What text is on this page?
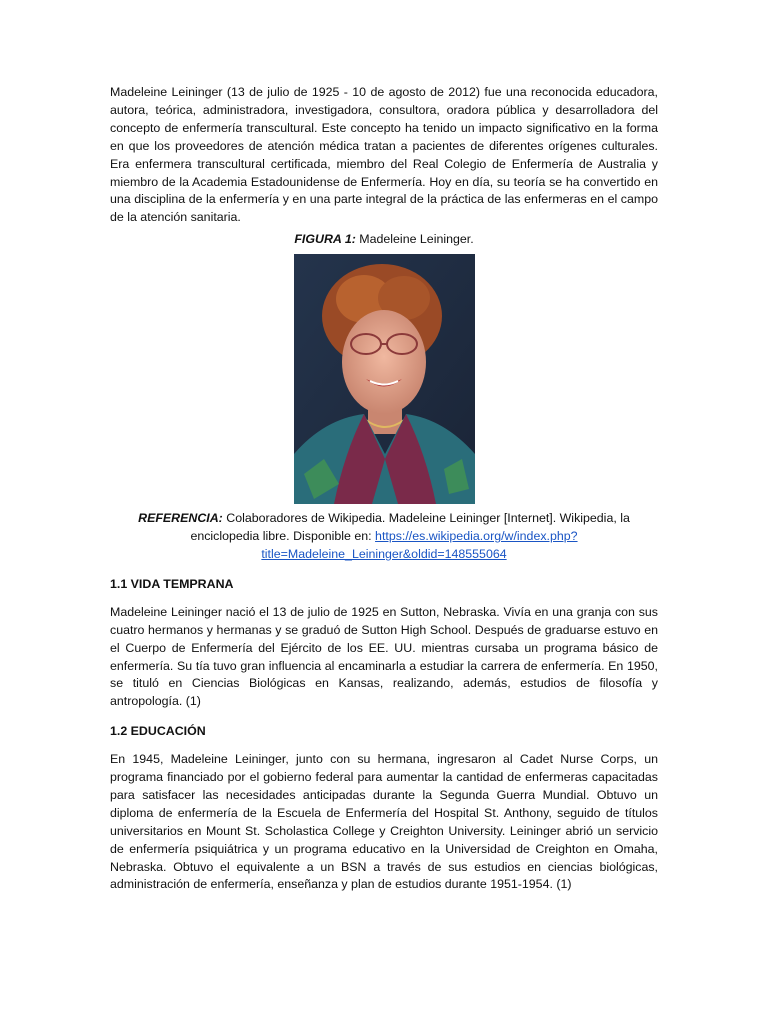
Madeleine Leininger (13 de julio de 1925 - 10 de agosto de 2012) fue una reconocida educadora, autora, teórica, administradora, investigadora, consultora, oradora pública y desarrolladora del concepto de enfermería transcultural. Este concepto ha tenido un impacto significativo en la forma en que los proveedores de atención médica tratan a pacientes de diferentes orígenes culturales. Era enfermera transcultural certificada, miembro del Real Colegio de Enfermería de Australia y miembro de la Academia Estadounidense de Enfermería. Hoy en día, su teoría se ha convertido en una disciplina de la enfermería y en una parte integral de la práctica de las enfermeras en el campo de la atención sanitaria.

FIGURA 1: Madeleine Leininger.
REFERENCIA: Colaboradores de Wikipedia. Madeleine Leininger [Internet]. Wikipedia, la
enciclopedia libre. Disponible en: https://es.wikipedia.org/w/index.php?
title=Madeleine_Leininger&oldid=148555064
1.1 VIDA TEMPRANA

Madeleine Leininger nació el 13 de julio de 1925 en Sutton, Nebraska. Vivía en una granja con sus cuatro hermanos y hermanas y se graduó de Sutton High School. Después de graduarse estuvo en el Cuerpo de Enfermería del Ejército de los EE. UU. mientras cursaba un programa básico de enfermería. Su tía tuvo gran influencia al encaminarla a estudiar la carrera de enfermería. En 1950, se tituló en Ciencias Biológicas en Kansas, realizando, además, estudios de filosofía y antropología. (1)

1.2 EDUCACIÓN

En 1945, Madeleine Leininger, junto con su hermana, ingresaron al Cadet Nurse Corps, un programa financiado por el gobierno federal para aumentar la cantidad de enfermeras capacitadas para satisfacer las necesidades anticipadas durante la Segunda Guerra Mundial. Obtuvo un diploma de enfermería de la Escuela de Enfermería del Hospital St. Anthony, seguido de títulos universitarios en Mount St. Scholastica College y Creighton University. Leininger abrió un servicio de enfermería psiquiátrica y un programa educativo en la Universidad de Creighton en Omaha, Nebraska. Obtuvo el equivalente a un BSN a través de sus estudios en ciencias biológicas, administración de enfermería, enseñanza y plan de estudios durante 1951-1954. (1)
